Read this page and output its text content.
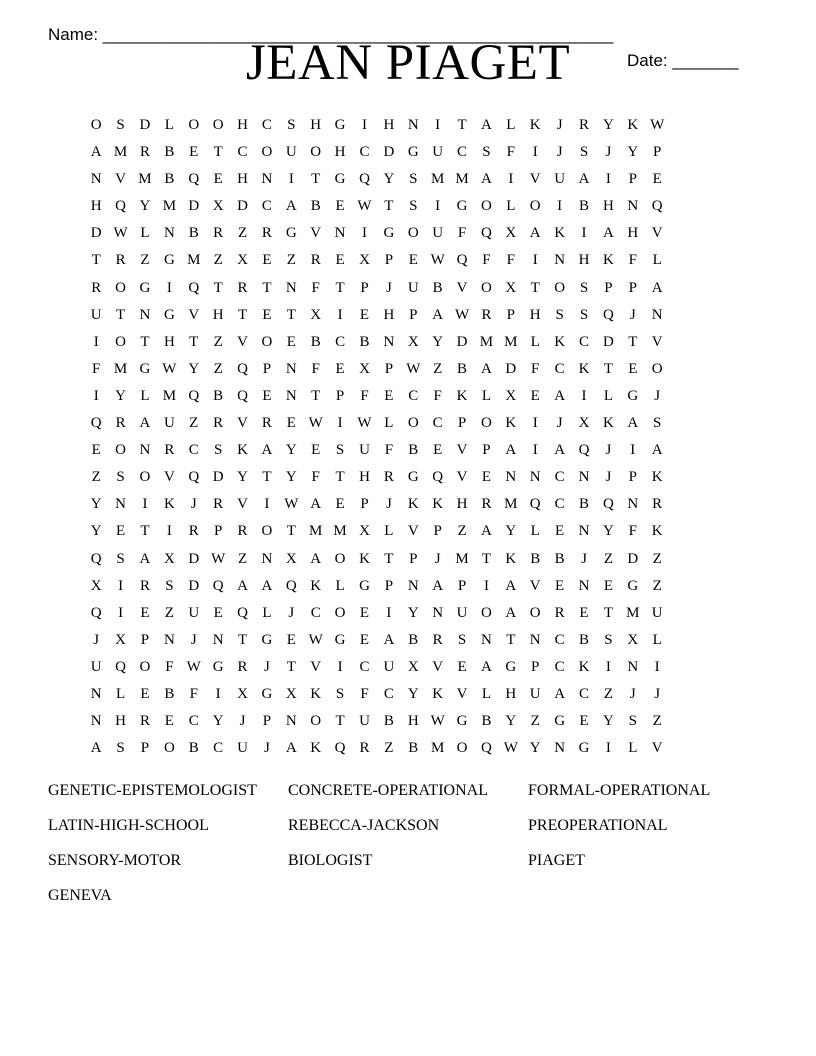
Name: ______________________________________________________

Date: _______

JEAN PIAGET
O S D L O O H C	S H G	I	H N	I	T A L K	J	R Y K W
A M R B E	T C O U O H C D G U C	S	F	I	J	S	J	Y P
N V M B Q E H N	I	T G Q Y S M M A	I	V U A	I	P	E
H Q Y M D X D C A B E W T	S	I	G O L O	I	B H N Q
D W L N B R Z R G V N	I	G O U F Q X A K	I	A H V
T R Z G M Z X E	Z R E X P	E W Q F	F	I	N H K F	L
R O G	I	Q T R T N F	T	P	J	U B V O X T O S	P	P A
U T N G V H T	E	T X	I	E H P A W R	P H S	S Q	J	N
I	O T H T	Z V O E B C B N X Y D M M L K C D T V
F M G W Y Z Q P N F	E X P W Z B A D F	C K T	E O
I	Y L M Q B Q E N T	P	F	E C	F K L X E A	I	L G	J
Q R A U Z R V R E W I W L O C	P O K	I	J	X K A S
E O N R C	S K A Y E	S U F	B E V P A	I	A Q	J	I	A
Z	S O V Q D Y T Y F	T H R G Q V E N N C N	J	P K
Y N	I	K	J	R V	I W A E	P	J	K K H R M Q C B Q N R
Y E	T	I	R	P	R O T M M X L V P	Z A Y L	E N Y F K
Q S A X D W Z N X A O K T	P	J M T K B B	J	Z D Z
X	I	R	S D Q A A Q K L G P N A P	I	A V E N E G Z
Q	I	E	Z U E Q L	J	C O E	I	Y N U O A O R E	T M U
J	X P N	J	N T G E W G E A B R	S N T N C B	S X L
U Q O F W G R	J	T V	I	C U X V E A G P	C K	I	N	I
N L	E B	F	I	X G X K S	F	C Y K V L H U A C Z	J	J
N H R E C Y	J	P N O T U B H W G B Y Z G E Y S	Z
A S	P O B C U	J	A K Q R Z B M O Q W Y N G	I	L V
GENETIC-EPISTEMOLOGIST	CONCRETE-OPERATIONAL	FORMAL-OPERATIONAL
LATIN-HIGH-SCHOOL	REBECCA-JACKSON	PREOPERATIONAL
SENSORY-MOTOR	BIOLOGIST	PIAGET
GENEVA
